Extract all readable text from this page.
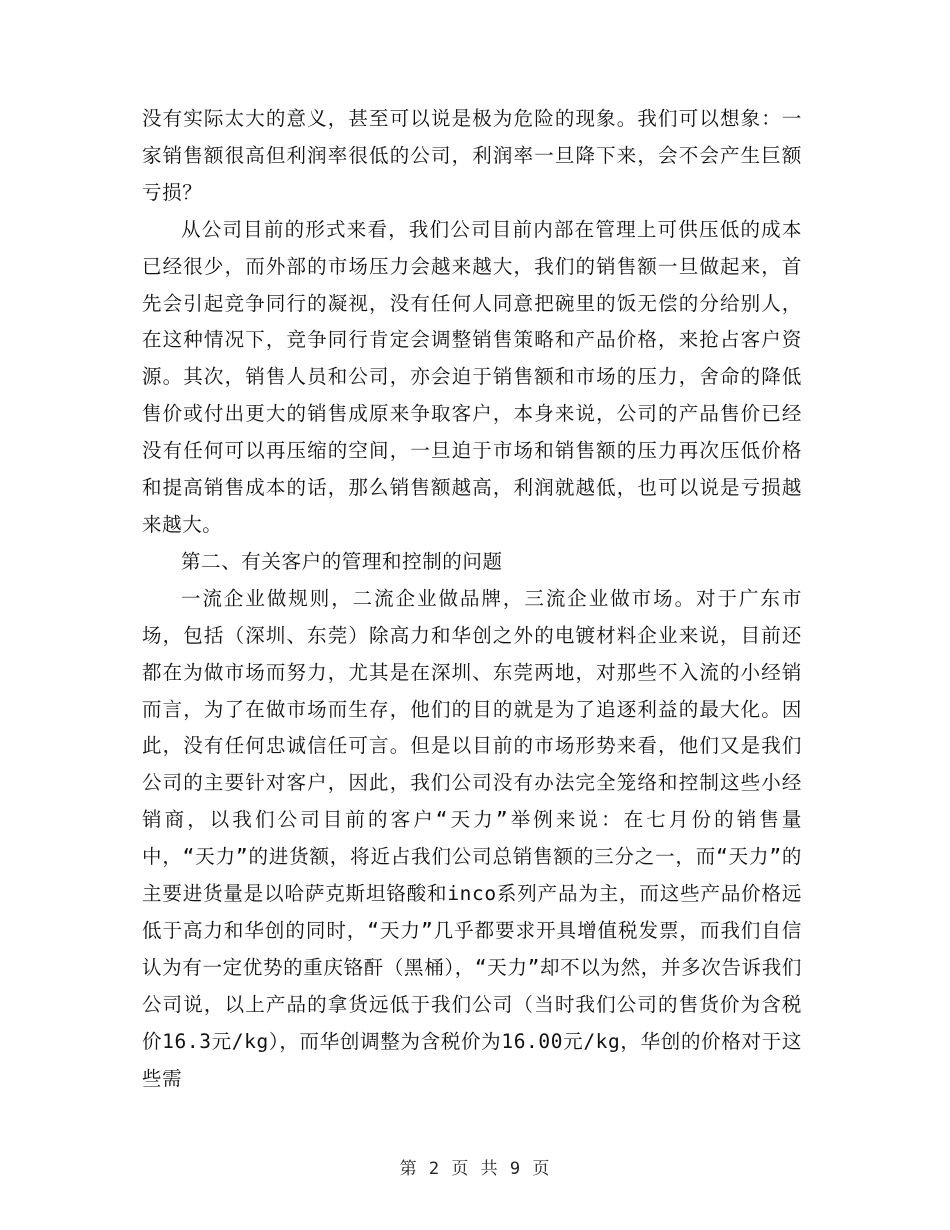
没有实际太大的意义，甚至可以说是极为危险的现象。我们可以想象：一家销售额很高但利润率很低的公司，利润率一旦降下来，会不会产生巨额亏损？

从公司目前的形式来看，我们公司目前内部在管理上可供压低的成本已经很少，而外部的市场压力会越来越大，我们的销售额一旦做起来，首先会引起竞争同行的凝视，没有任何人同意把碗里的饭无偿的分给别人，在这种情况下，竞争同行肯定会调整销售策略和产品价格，来抢占客户资源。其次，销售人员和公司，亦会迫于销售额和市场的压力，舍命的降低售价或付出更大的销售成原来争取客户，本身来说，公司的产品售价已经没有任何可以再压缩的空间，一旦迫于市场和销售额的压力再次压低价格和提高销售成本的话，那么销售额越高，利润就越低，也可以说是亏损越来越大。

第二、有关客户的管理和控制的问题

一流企业做规则，二流企业做品牌，三流企业做市场。对于广东市场，包括（深圳、东莞）除高力和华创之外的电镀材料企业来说，目前还都在为做市场而努力，尤其是在深圳、东莞两地，对那些不入流的小经销而言，为了在做市场而生存，他们的目的就是为了追逐利益的最大化。因此，没有任何忠诚信任可言。但是以目前的市场形势来看，他们又是我们公司的主要针对客户，因此，我们公司没有办法完全笼络和控制这些小经销商，以我们公司目前的客户“天力”举例来说：在七月份的销售量中，“天力”的进货额，将近占我们公司总销售额的三分之一，而“天力”的主要进货量是以哈萨克斯坦铬酸和inco系列产品为主，而这些产品价格远低于高力和华创的同时，“天力”几乎都要求开具增值税发票，而我们自信认为有一定优势的重庆铬酐（黑桶），“天力”却不以为然，并多次告诉我们公司说，以上产品的拿货远低于我们公司（当时我们公司的售货价为含税价16.3元/kg），而华创调整为含税价为16.00元/kg，华创的价格对于这些需

第 2 页 共 9 页
